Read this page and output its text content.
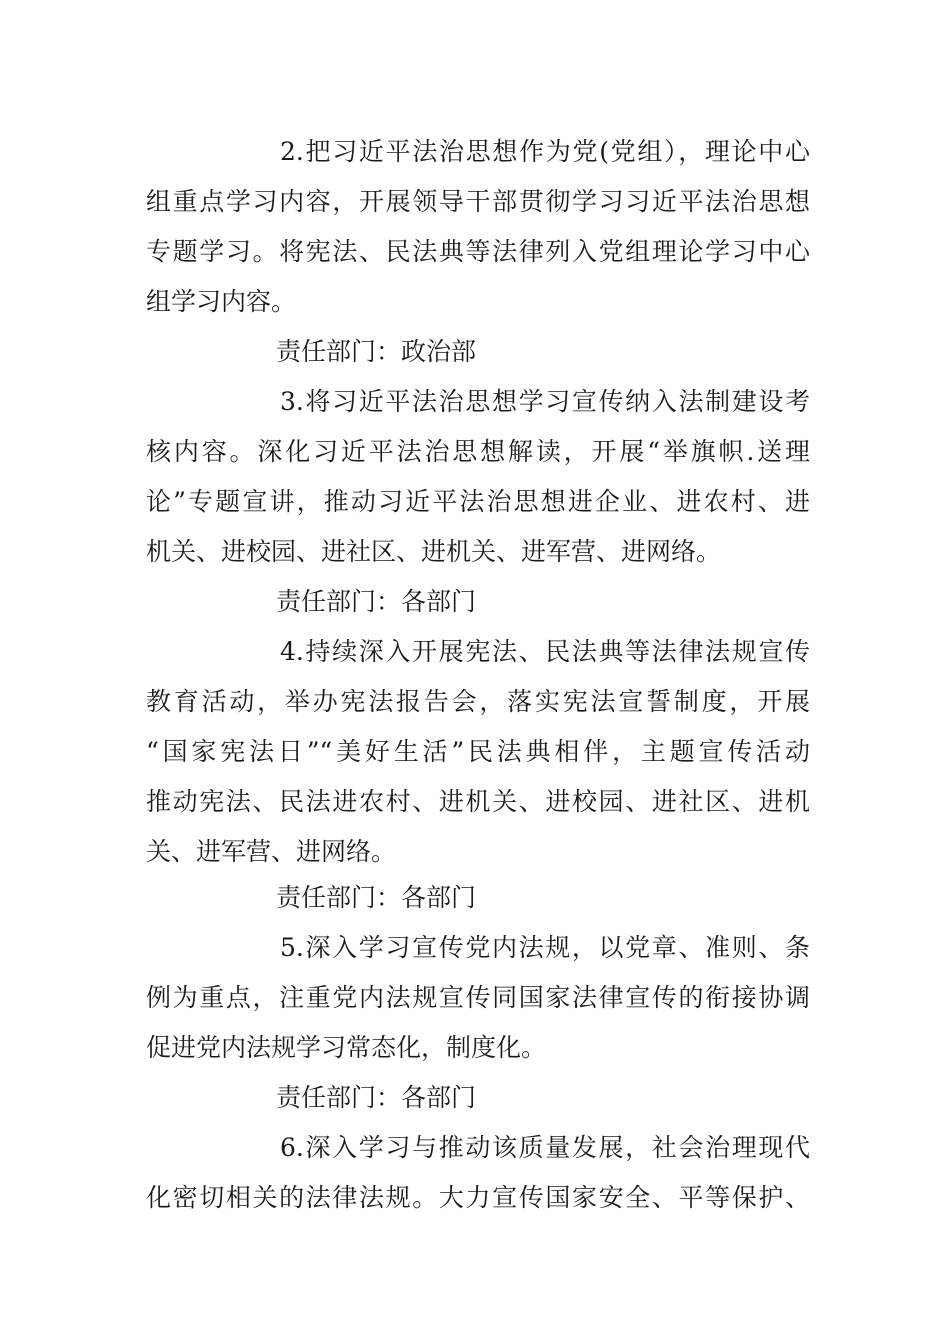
2.把习近平法治思想作为党(党组），理论中心
组重点学习内容，开展领导干部贯彻学习习近平法治思想
专题学习。将宪法、民法典等法律列入党组理论学习中心
组学习内容。
责任部门：政治部
3.将习近平法治思想学习宣传纳入法制建设考
核内容。深化习近平法治思想解读，开展“举旗帜.送理
论”专题宣讲，推动习近平法治思想进企业、进农村、进
机关、进校园、进社区、进机关、进军营、进网络。
责任部门：各部门
4.持续深入开展宪法、民法典等法律法规宣传
教育活动，举办宪法报告会，落实宪法宣誓制度，开展
“国家宪法日”“美好生活”民法典相伴，主题宣传活动
推动宪法、民法进农村、进机关、进校园、进社区、进机
关、进军营、进网络。
责任部门：各部门
5.深入学习宣传党内法规，以党章、准则、条
例为重点，注重党内法规宣传同国家法律宣传的衔接协调
促进党内法规学习常态化，制度化。
责任部门：各部门
6.深入学习与推动该质量发展，社会治理现代
化密切相关的法律法规。大力宣传国家安全、平等保护、
